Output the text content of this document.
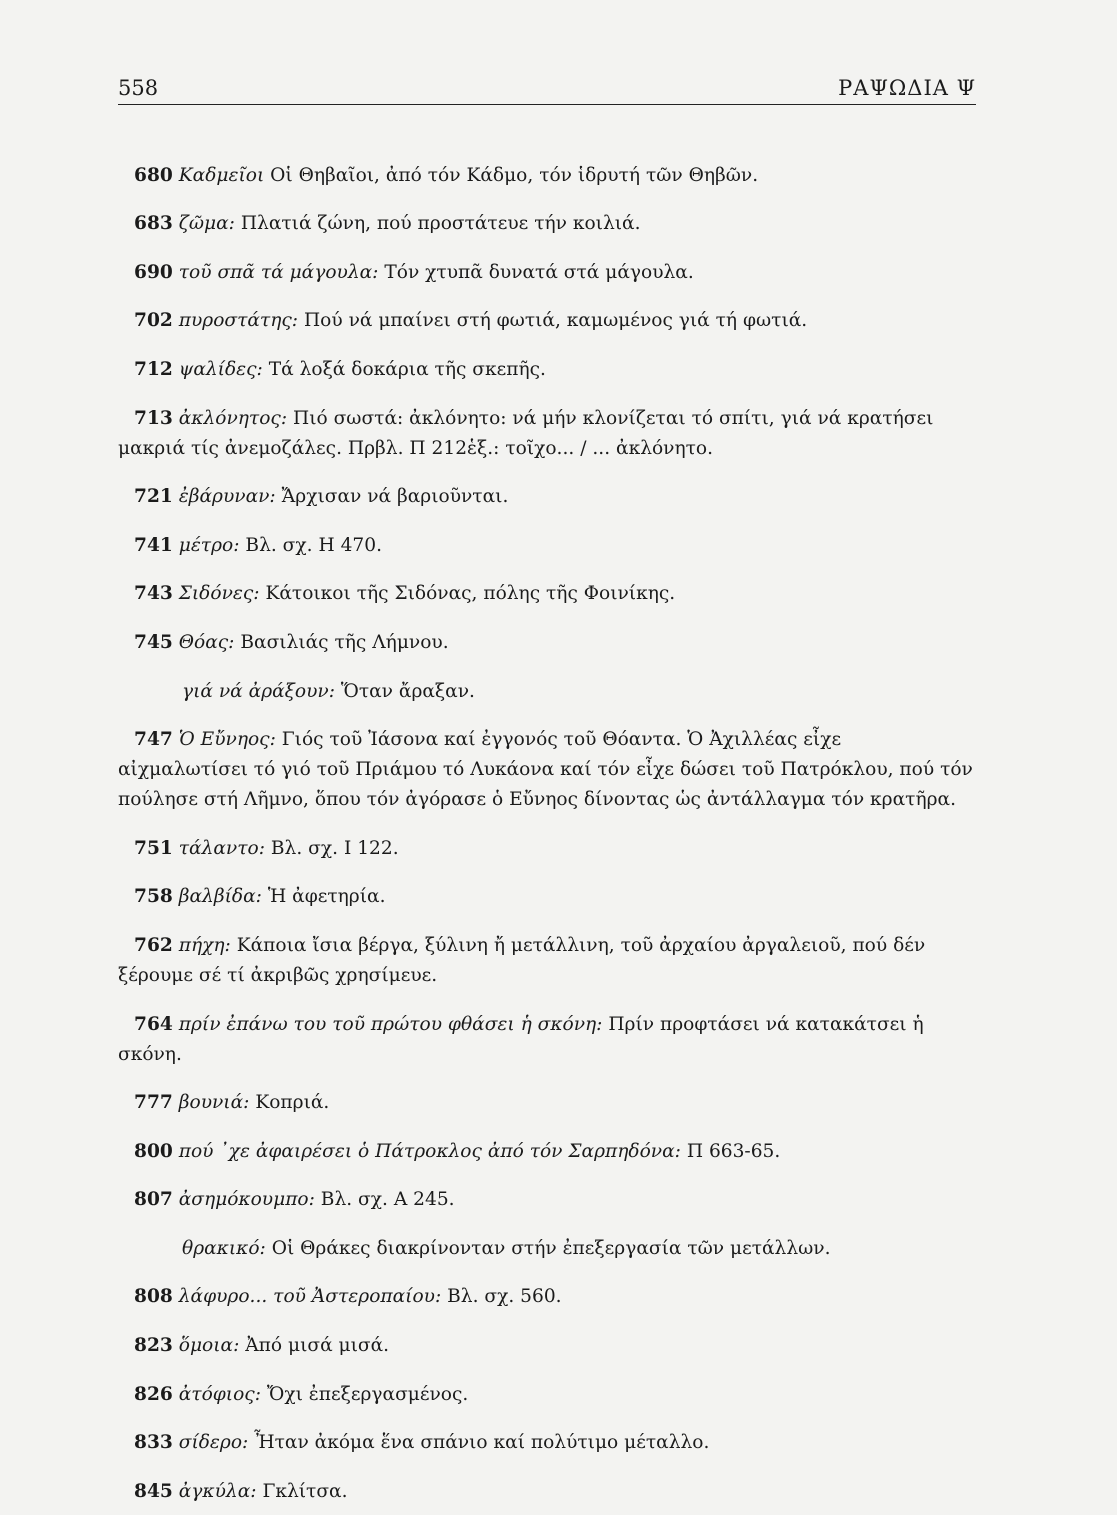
558	ΡΑΨΩΔΙΑ Ψ

680 Καδμεῖοι Οἱ Θηβαῖοι, ἀπό τόν Κάδμο, τόν ἱδρυτή τῶν Θηβῶν.

683 ζῶμα: Πλατιά ζώνη, πού προστάτευε τήν κοιλιά.

690 τοῦ σπᾶ τά μάγουλα: Τόν χτυπᾶ δυνατά στά μάγουλα.

702 πυροστάτης: Πού νά μπαίνει στή φωτιά, καμωμένος γιά τή φωτιά.

712 ψαλίδες: Τά λοξά δοκάρια τῆς σκεπῆς.

713 ἀκλόνητος: Πιό σωστά: ἀκλόνητο: νά μήν κλονίζεται τό σπίτι, γιά νά κρατήσει μακριά τίς ἀνεμοζάλες. Πρβλ. Π 212ἑξ.: τοῖχο... / ... ἀκλόνητο.

721 ἐβάρυναν: Ἄρχισαν νά βαριοῦνται.

741 μέτρο: Βλ. σχ. Η 470.

743 Σιδόνες: Κάτοικοι τῆς Σιδόνας, πόλης τῆς Φοινίκης.

745 Θόας: Βασιλιάς τῆς Λήμνου.

γιά νά ἀράξουν: Ὅταν ἄραξαν.

747 Ὁ Εὔνηος: Γιός τοῦ Ἰάσονα καί ἐγγονός τοῦ Θόαντα. Ὁ Ἀχιλλέας εἶχε αἰχμαλωτίσει τό γιό τοῦ Πριάμου τό Λυκάονα καί τόν εἶχε δώσει τοῦ Πατρόκλου, πού τόν πούλησε στή Λῆμνο, ὅπου τόν ἀγόρασε ὁ Εὔνηος δίνοντας ὡς ἀντάλλαγμα τόν κρατῆρα.

751 τάλαντο: Βλ. σχ. Ι 122.

758 βαλβίδα: Ἡ ἀφετηρία.

762 πήχη: Κάποια ἴσια βέργα, ξύλινη ἤ μετάλλινη, τοῦ ἀρχαίου ἀργαλειοῦ, πού δέν ξέρουμε σέ τί ἀκριβῶς χρησίμευε.

764 πρίν ἐπάνω του τοῦ πρώτου φθάσει ἡ σκόνη: Πρίν προφτάσει νά κατακάτσει ἡ σκόνη.

777 βουνιά: Κοπριά.

800 πού ᾽χε ἀφαιρέσει ὁ Πάτροκλος ἀπό τόν Σαρπηδόνα: Π 663-65.

807 ἀσημόκουμπο: Βλ. σχ. Α 245.

θρακικό: Οἱ Θράκες διακρίνονταν στήν ἐπεξεργασία τῶν μετάλλων.

808 λάφυρο... τοῦ Ἀστεροπαίου: Βλ. σχ. 560.

823 ὅμοια: Ἀπό μισά μισά.

826 ἀτόφιος: Ὄχι ἐπεξεργασμένος.

833 σίδερο: Ἦταν ἀκόμα ἕνα σπάνιο καί πολύτιμο μέταλλο.

845 ἀγκύλα: Γκλίτσα.
